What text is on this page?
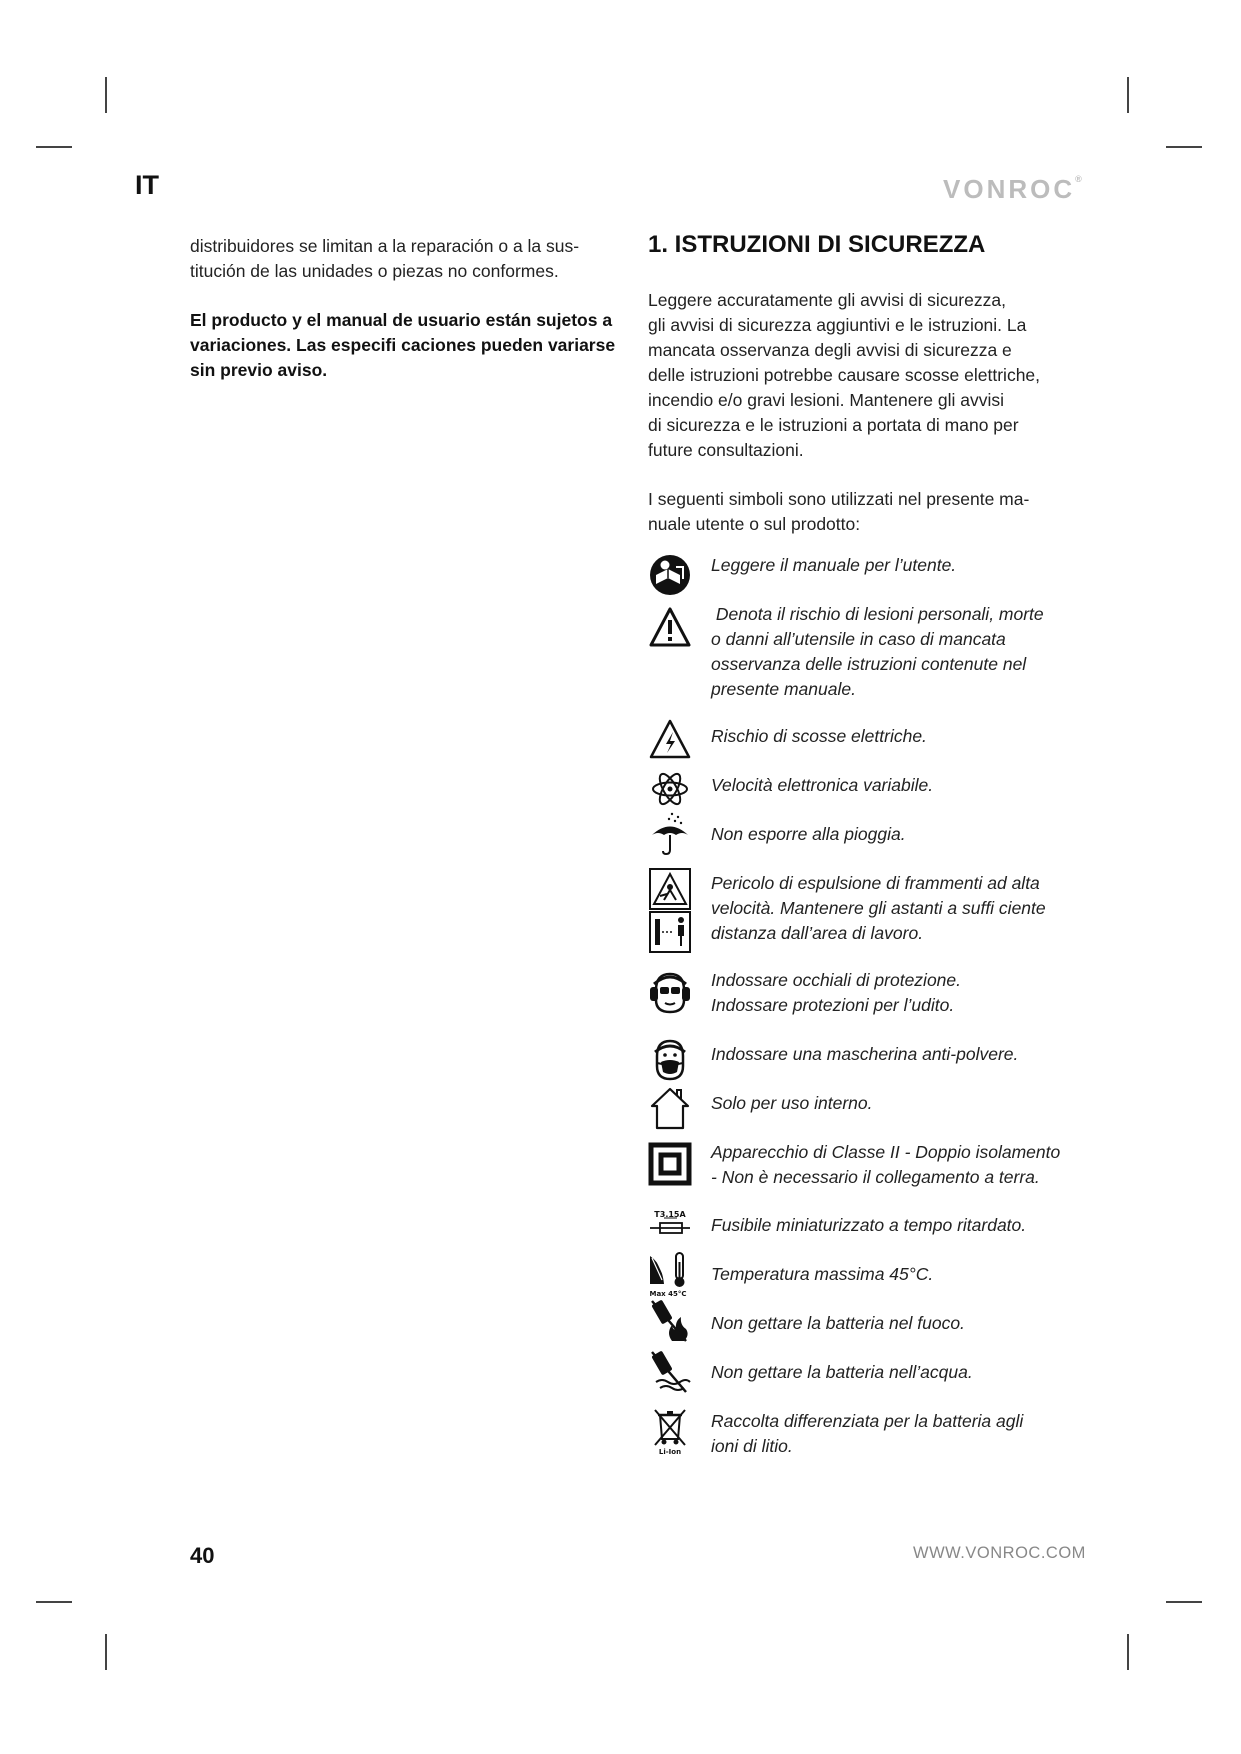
IT	VONROC®

distribuidores se limitan a la reparación o a la sus-
titución de las unidades o piezas no conformes.

El producto y el manual de usuario están sujetos a
variaciones. Las especifi caciones pueden variarse
sin previo aviso.

1. ISTRUZIONI DI SICUREZZA

Leggere accuratamente gli avvisi di sicurezza,
gli avvisi di sicurezza aggiuntivi e le istruzioni. La
mancata osservanza degli avvisi di sicurezza e
delle istruzioni potrebbe causare scosse elettriche,
incendio e/o gravi lesioni. Mantenere gli avvisi
di sicurezza e le istruzioni a portata di mano per
future consultazioni.

I seguenti simboli sono utilizzati nel presente ma-
nuale utente o sul prodotto:

Leggere il manuale per l’utente.
Denota il rischio di lesioni personali, morte
o danni all’utensile in caso di mancata
osservanza delle istruzioni contenute nel
presente manuale.
Rischio di scosse elettriche.
Velocità elettronica variabile.
Non esporre alla pioggia.
Pericolo di espulsione di frammenti ad alta
velocità. Mantenere gli astanti a suffi ciente
distanza dall’area di lavoro.
Indossare occhiali di protezione.
Indossare protezioni per l’udito.
Indossare una mascherina anti-polvere.
Solo per uso interno.
Apparecchio di Classe II - Doppio isolamento
- Non è necessario il collegamento a terra.
T3.15A
Fusibile miniaturizzato a tempo ritardato.
Max 45°C
Temperatura massima 45°C.
Non gettare la batteria nel fuoco.
Non gettare la batteria nell’acqua.
Li-Ion
Raccolta differenziata per la batteria agli
ioni di litio.
40	WWW.VONROC.COM
